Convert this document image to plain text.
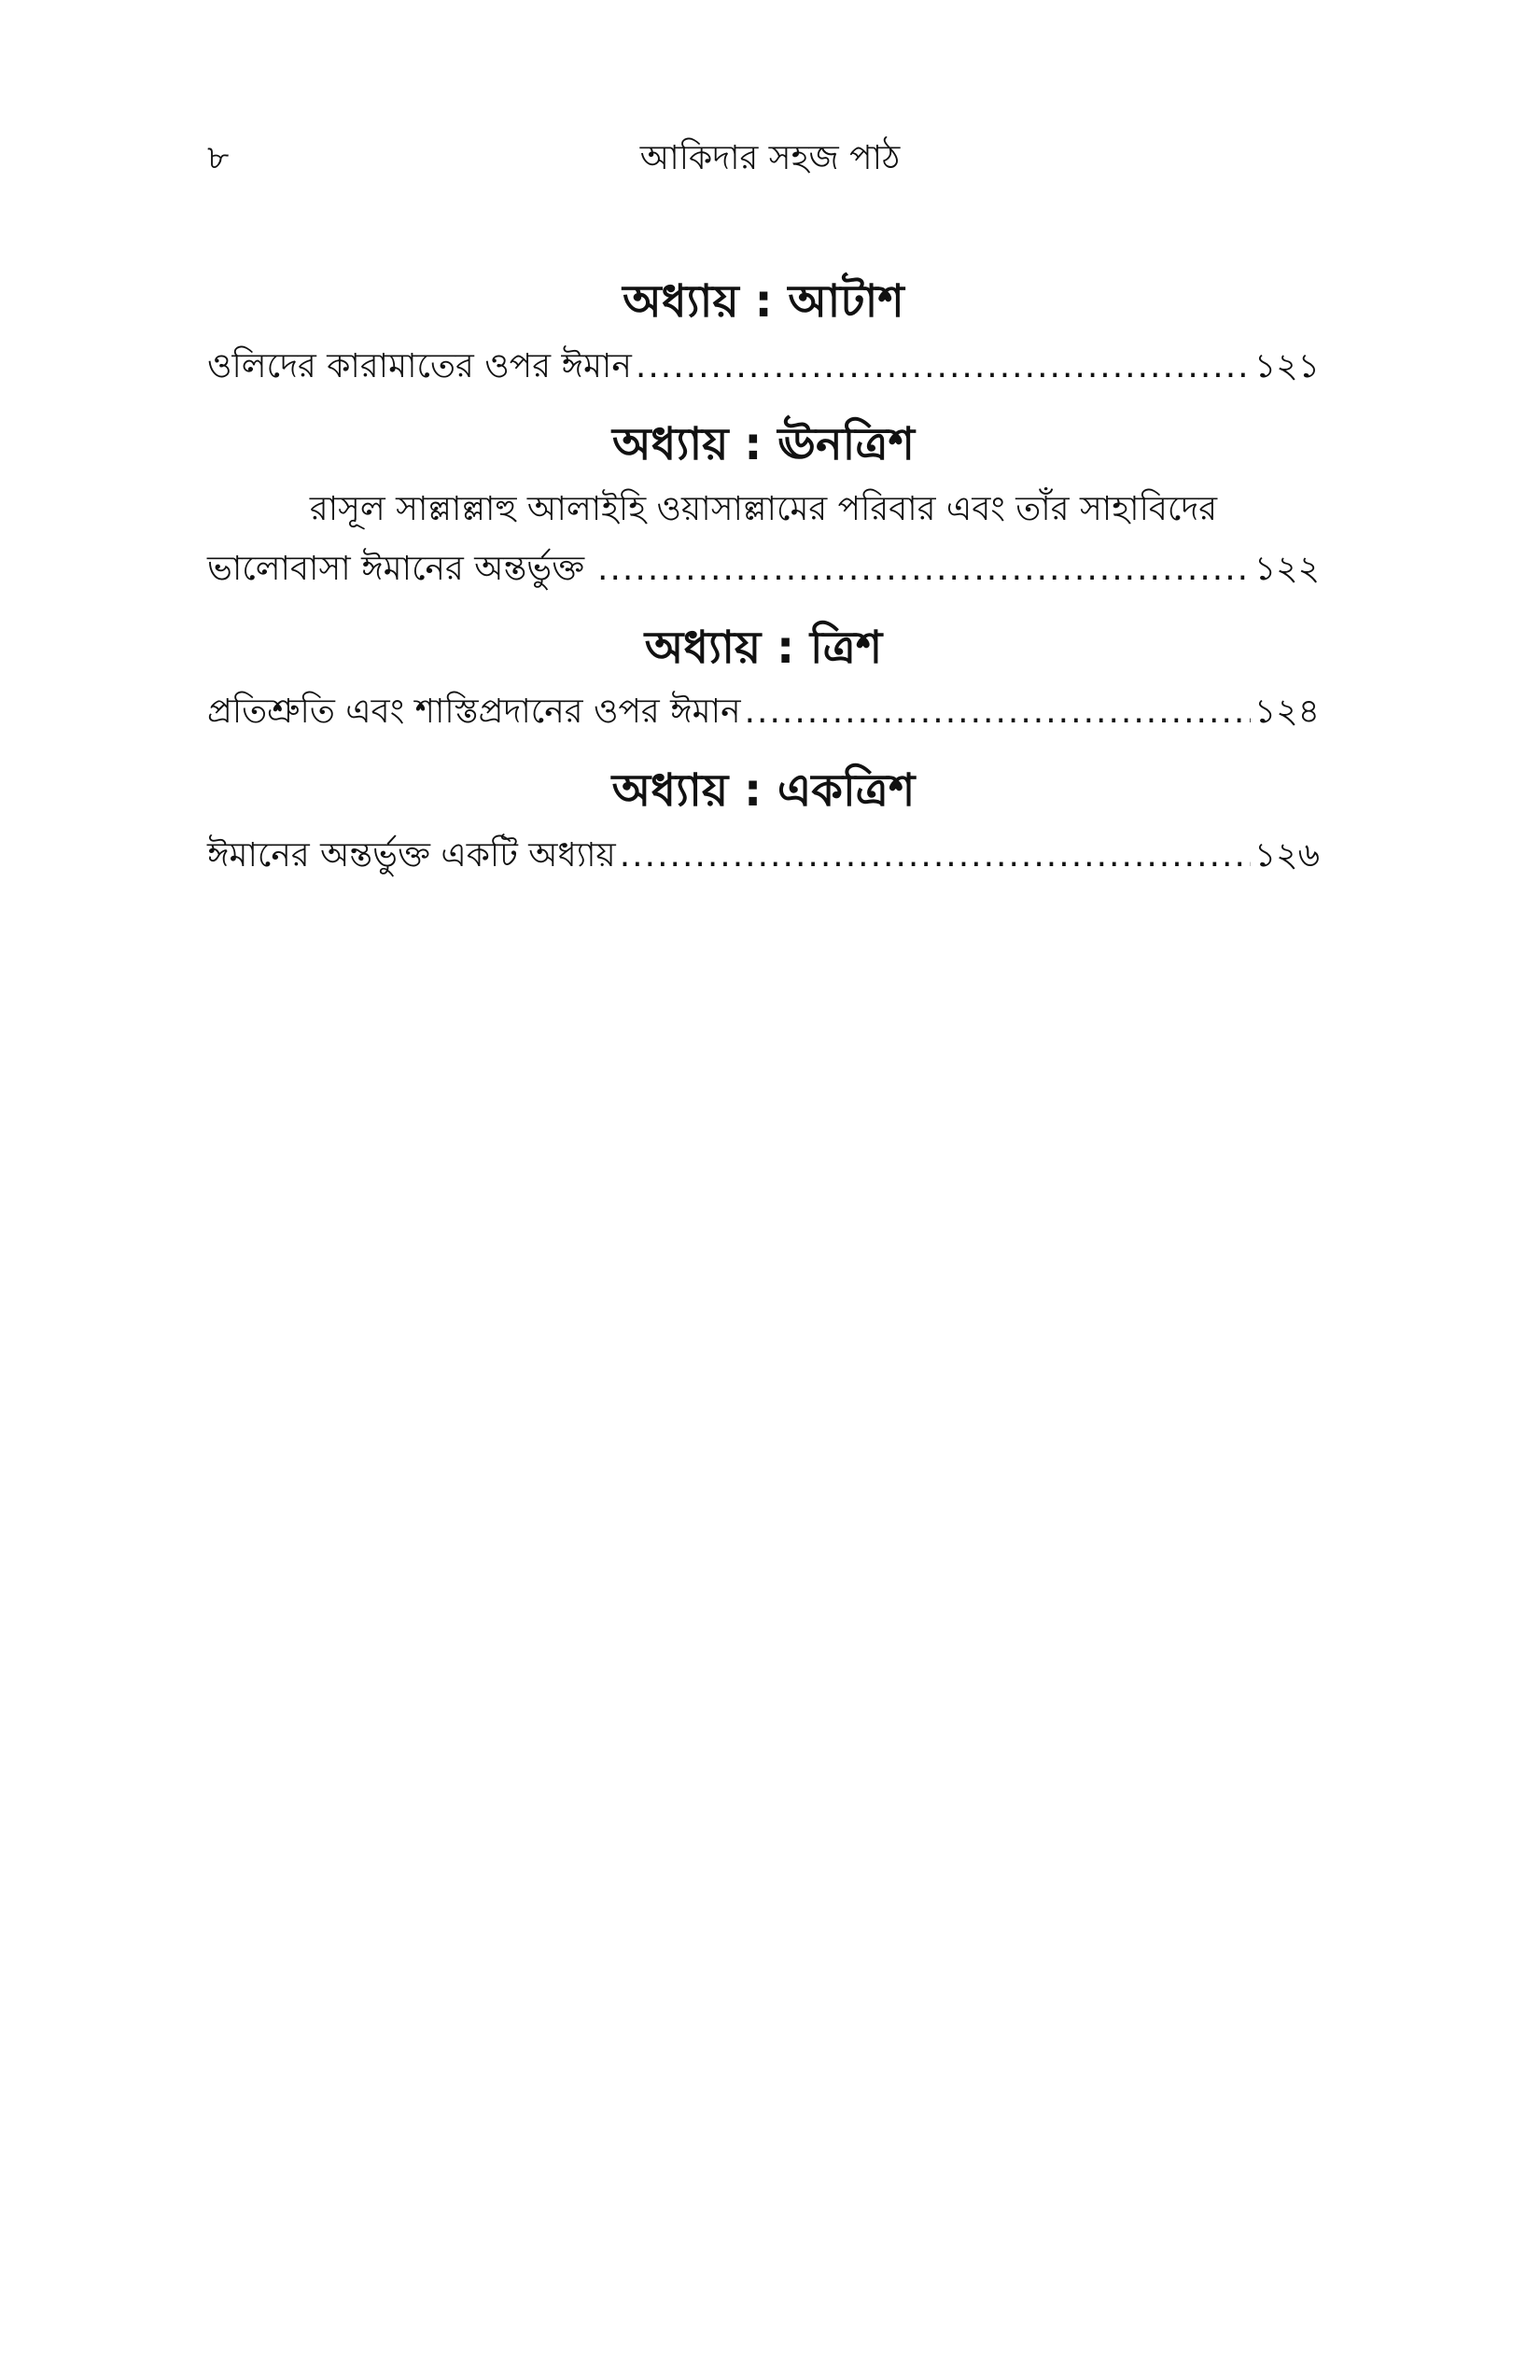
৮	আকিদার সহজ পাঠ
অধ্যায় : আটাশ
ওলিদের কারামাতের ওপর ঈমান .....	১২১
অধ্যায় : ঊনত্রিশ
রাসূল সাল্লাল্লাহু আলাইহি ওয়াসাল্লামের পরিবার এবং তাঁর সাহাবিদের
ভালোবাসা ঈমানের অন্তর্ভুক্ত .....	১২২
অধ্যায় : ত্রিশ
প্রতিশ্রুতি এবং শাস্তিপ্রদানের ওপর ঈমান .....	১২৪
অধ্যায় : একত্রিশ
ঈমানের অন্তর্ভুক্ত একটি অধ্যায় .....	১২৬
